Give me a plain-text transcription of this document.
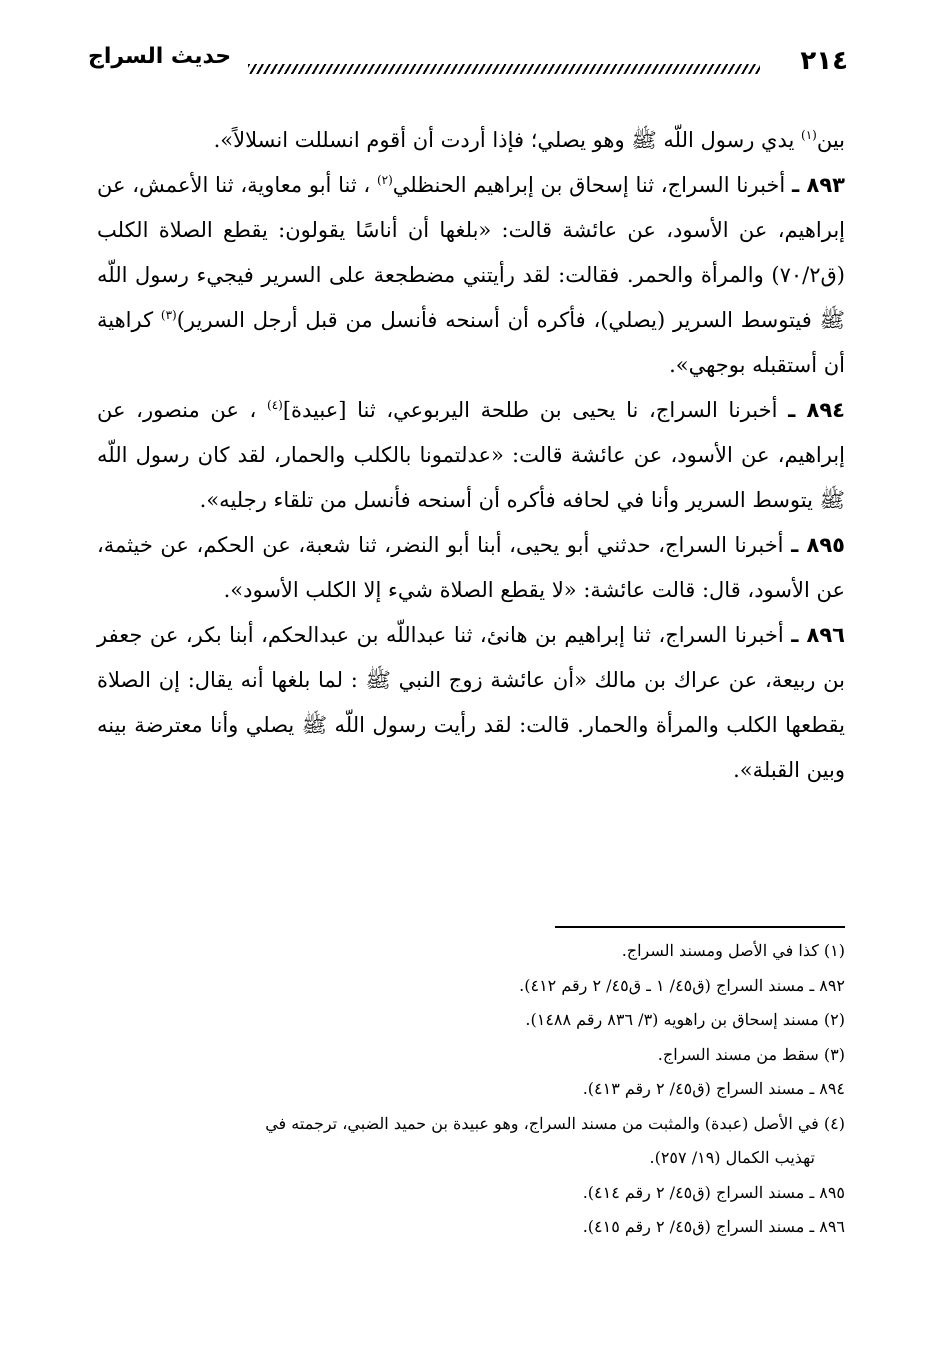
٢١٤
حديث السراج

بين$^{(١)}$ يدي رسول اللّه ﷺ وهو يصلي؛ فإذا أردت أن أقوم انسللت انسلالاً».

٨٩٣ ـ أخبرنا السراج، ثنا إسحاق بن إبراهيم الحنظلي$^{(٢)}$ ، ثنا أبو معاوية، ثنا الأعمش، عن إبراهيم، عن الأسود، عن عائشة قالت: «بلغها أن أناسًا يقولون: يقطع الصلاة الكلب (ق٧٠/٢) والمرأة والحمر. فقالت: لقد رأيتني مضطجعة على السرير فيجيء رسول اللّه ﷺ فيتوسط السرير (يصلي)، فأكره أن أسنحه فأنسل من قبل أرجل السرير)$^{(٣)}$ كراهية أن أستقبله بوجهي».

٨٩٤ ـ أخبرنا السراج، نا يحيى بن طلحة اليربوعي، ثنا [عبيدة]$^{(٤)}$ ، عن منصور، عن إبراهيم، عن الأسود، عن عائشة قالت: «عدلتمونا بالكلب والحمار، لقد كان رسول اللّه ﷺ يتوسط السرير وأنا في لحافه فأكره أن أسنحه فأنسل من تلقاء رجليه».

٨٩٥ ـ أخبرنا السراج، حدثني أبو يحيى، أبنا أبو النضر، ثنا شعبة، عن الحكم، عن خيثمة، عن الأسود، قال: قالت عائشة: «لا يقطع الصلاة شيء إلا الكلب الأسود».

٨٩٦ ـ أخبرنا السراج، ثنا إبراهيم بن هانئ، ثنا عبداللّه بن عبدالحكم، أبنا بكر، عن جعفر بن ربيعة، عن عراك بن مالك «أن عائشة زوج النبي ﷺ : لما بلغها أنه يقال: إن الصلاة يقطعها الكلب والمرأة والحمار. قالت: لقد رأيت رسول اللّه ﷺ يصلي وأنا معترضة بينه وبين القبلة».

(١) كذا في الأصل ومسند السراج.

٨٩٢ ـ مسند السراج (ق٤٥/ ١ ـ ق٤٥/ ٢ رقم ٤١٢).

(٢) مسند إسحاق بن راهويه (٣/ ٨٣٦ رقم ١٤٨٨).

(٣) سقط من مسند السراج.

٨٩٤ ـ مسند السراج (ق٤٥/ ٢ رقم ٤١٣).

(٤) في الأصل (عبدة) والمثبت من مسند السراج، وهو عبيدة بن حميد الضبي، ترجمته في

تهذيب الكمال (١٩/ ٢٥٧).

٨٩٥ ـ مسند السراج (ق٤٥/ ٢ رقم ٤١٤).

٨٩٦ ـ مسند السراج (ق٤٥/ ٢ رقم ٤١٥).
